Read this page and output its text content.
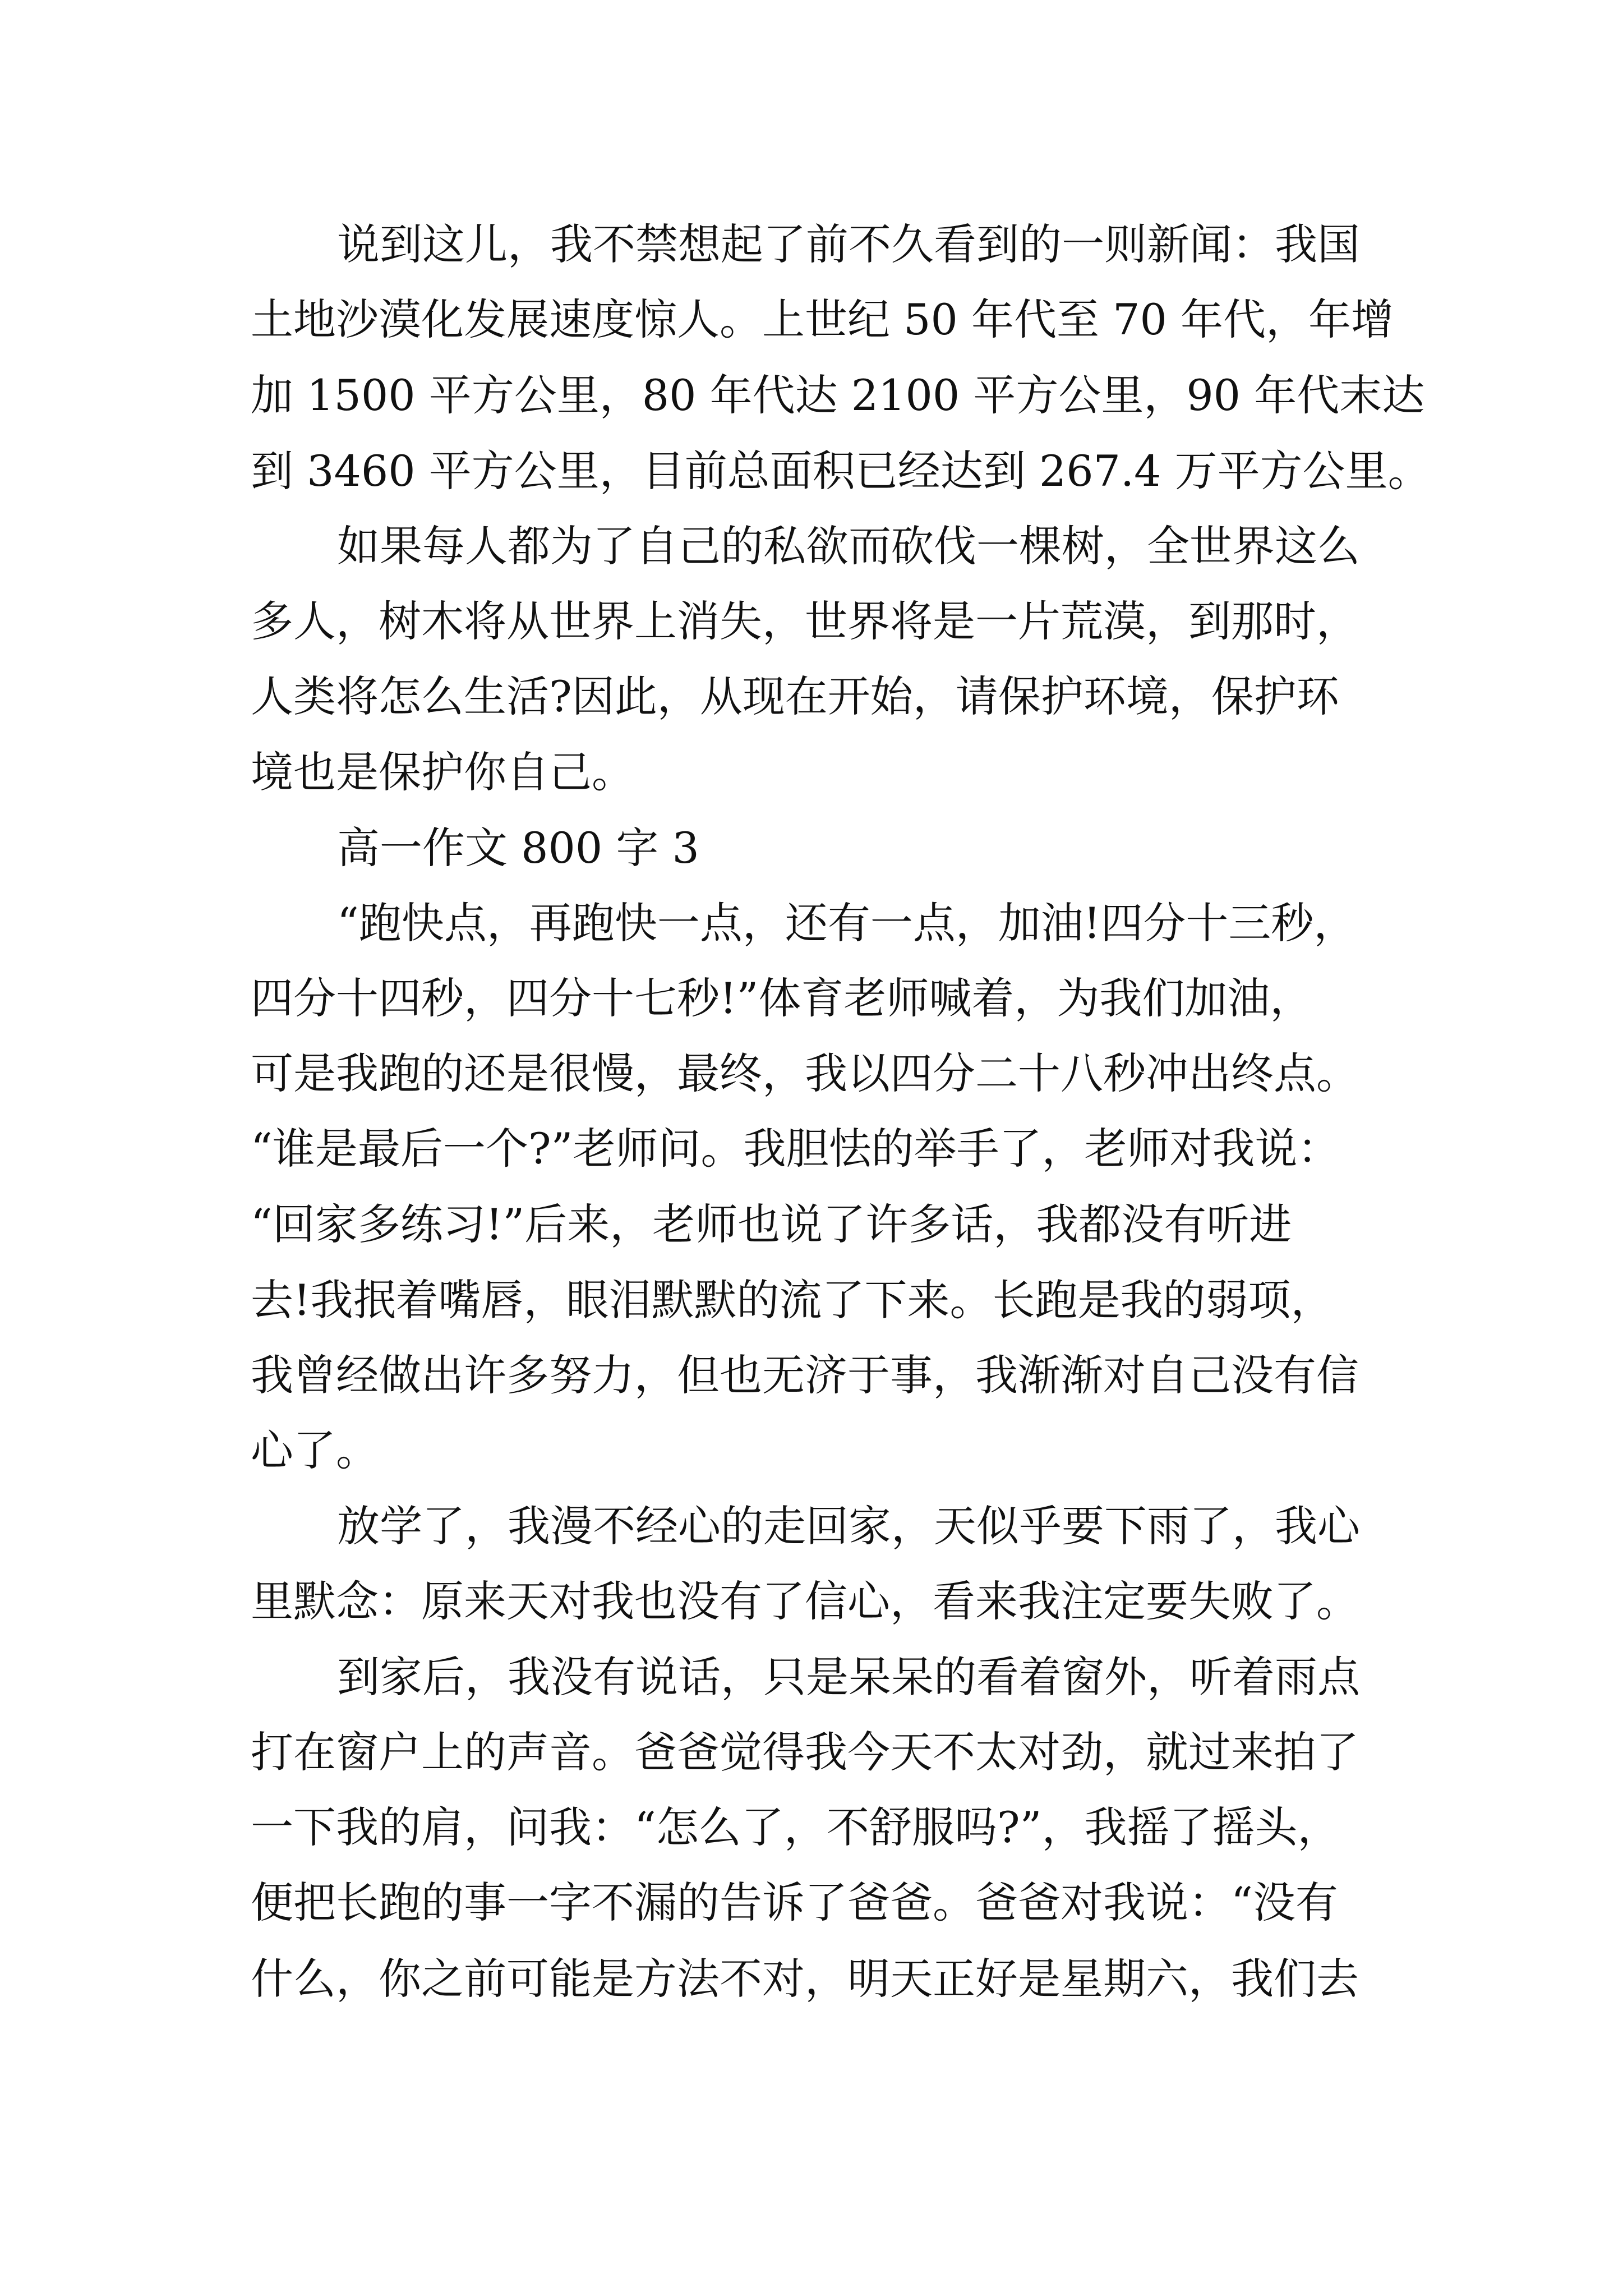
说到这儿，我不禁想起了前不久看到的一则新闻：我国

土地沙漠化发展速度惊人。上世纪 50 年代至 70 年代，年增

加 1500 平方公里，80 年代达 2100 平方公里，90 年代末达

到 3460 平方公里，目前总面积已经达到 267.4 万平方公里。

如果每人都为了自己的私欲而砍伐一棵树，全世界这么

多人，树木将从世界上消失，世界将是一片荒漠，到那时，

人类将怎么生活?因此，从现在开始，请保护环境，保护环

境也是保护你自己。

高一作文 800 字 3

“跑快点，再跑快一点，还有一点，加油!四分十三秒，

四分十四秒，四分十七秒!”体育老师喊着，为我们加油，

可是我跑的还是很慢，最终，我以四分二十八秒冲出终点。

“谁是最后一个?”老师问。我胆怯的举手了，老师对我说：

“回家多练习!”后来，老师也说了许多话，我都没有听进

去!我抿着嘴唇，眼泪默默的流了下来。长跑是我的弱项，

我曾经做出许多努力，但也无济于事，我渐渐对自己没有信

心了。

放学了，我漫不经心的走回家，天似乎要下雨了，我心

里默念：原来天对我也没有了信心，看来我注定要失败了。

到家后，我没有说话，只是呆呆的看着窗外，听着雨点

打在窗户上的声音。爸爸觉得我今天不太对劲，就过来拍了

一下我的肩，问我：“怎么了，不舒服吗?”，我摇了摇头，

便把长跑的事一字不漏的告诉了爸爸。爸爸对我说：“没有

什么，你之前可能是方法不对，明天正好是星期六，我们去
